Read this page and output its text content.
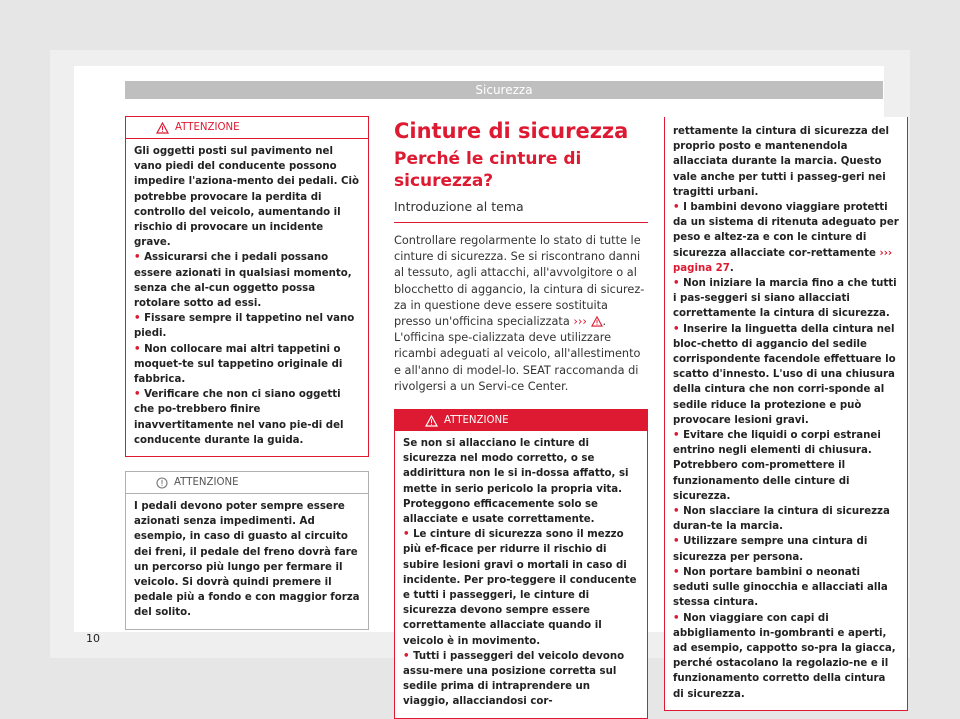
Sicurezza
ATTENZIONE

Gli oggetti posti sul pavimento nel vano piedi del conducente possono impedire l'aziona-mento dei pedali. Ciò potrebbe provocare la perdita di controllo del veicolo, aumentando il rischio di provocare un incidente grave.

• Assicurarsi che i pedali possano essere azionati in qualsiasi momento, senza che al-cun oggetto possa rotolare sotto ad essi.

• Fissare sempre il tappetino nel vano piedi.

• Non collocare mai altri tappetini o moquet-te sul tappetino originale di fabbrica.

• Verificare che non ci siano oggetti che po-trebbero finire inavvertitamente nel vano pie-di del conducente durante la guida.

ATTENZIONE

I pedali devono poter sempre essere azionati senza impedimenti. Ad esempio, in caso di guasto al circuito dei freni, il pedale del freno dovrà fare un percorso più lungo per fermare il veicolo. Si dovrà quindi premere il pedale più a fondo e con maggior forza del solito.

Cinture di sicurezza
Perché le cinture di sicurezza?
Introduzione al tema

Controllare regolarmente lo stato di tutte le cinture di sicurezza. Se si riscontrano danni al tessuto, agli attacchi, all'avvolgitore o al blocchetto di aggancio, la cintura di sicurez-za in questione deve essere sostituita presso un'officina specializzata ››› . L'officina spe-cializzata deve utilizzare ricambi adeguati al veicolo, all'allestimento e all'anno di model-lo. SEAT raccomanda di rivolgersi a un Servi-ce Center.

ATTENZIONE

Se non si allacciano le cinture di sicurezza nel modo corretto, o se addirittura non le si in-dossa affatto, si mette in serio pericolo la propria vita. Proteggono efficacemente solo se allacciate e usate correttamente.

• Le cinture di sicurezza sono il mezzo più ef-ficace per ridurre il rischio di subire lesioni gravi o mortali in caso di incidente. Per pro-teggere il conducente e tutti i passeggeri, le cinture di sicurezza devono sempre essere correttamente allacciate quando il veicolo è in movimento.

• Tutti i passeggeri del veicolo devono assu-mere una posizione corretta sul sedile prima di intraprendere un viaggio, allacciandosi cor-

rettamente la cintura di sicurezza del proprio posto e mantenendola allacciata durante la marcia. Questo vale anche per tutti i passeg-geri nei tragitti urbani.

• I bambini devono viaggiare protetti da un sistema di ritenuta adeguato per peso e altez-za e con le cinture di sicurezza allacciate cor-rettamente ››› pagina 27.

• Non iniziare la marcia fino a che tutti i pas-seggeri si siano allacciati correttamente la cintura di sicurezza.

• Inserire la linguetta della cintura nel bloc-chetto di aggancio del sedile corrispondente facendole effettuare lo scatto d'innesto. L'uso di una chiusura della cintura che non corri-sponde al sedile riduce la protezione e può provocare lesioni gravi.

• Evitare che liquidi o corpi estranei entrino negli elementi di chiusura. Potrebbero com-promettere il funzionamento delle cinture di sicurezza.

• Non slacciare la cintura di sicurezza duran-te la marcia.

• Utilizzare sempre una cintura di sicurezza per persona.

• Non portare bambini o neonati seduti sulle ginocchia e allacciati alla stessa cintura.

• Non viaggiare con capi di abbigliamento in-gombranti e aperti, ad esempio, cappotto so-pra la giacca, perché ostacolano la regolazio-ne e il funzionamento corretto della cintura di sicurezza.

10
